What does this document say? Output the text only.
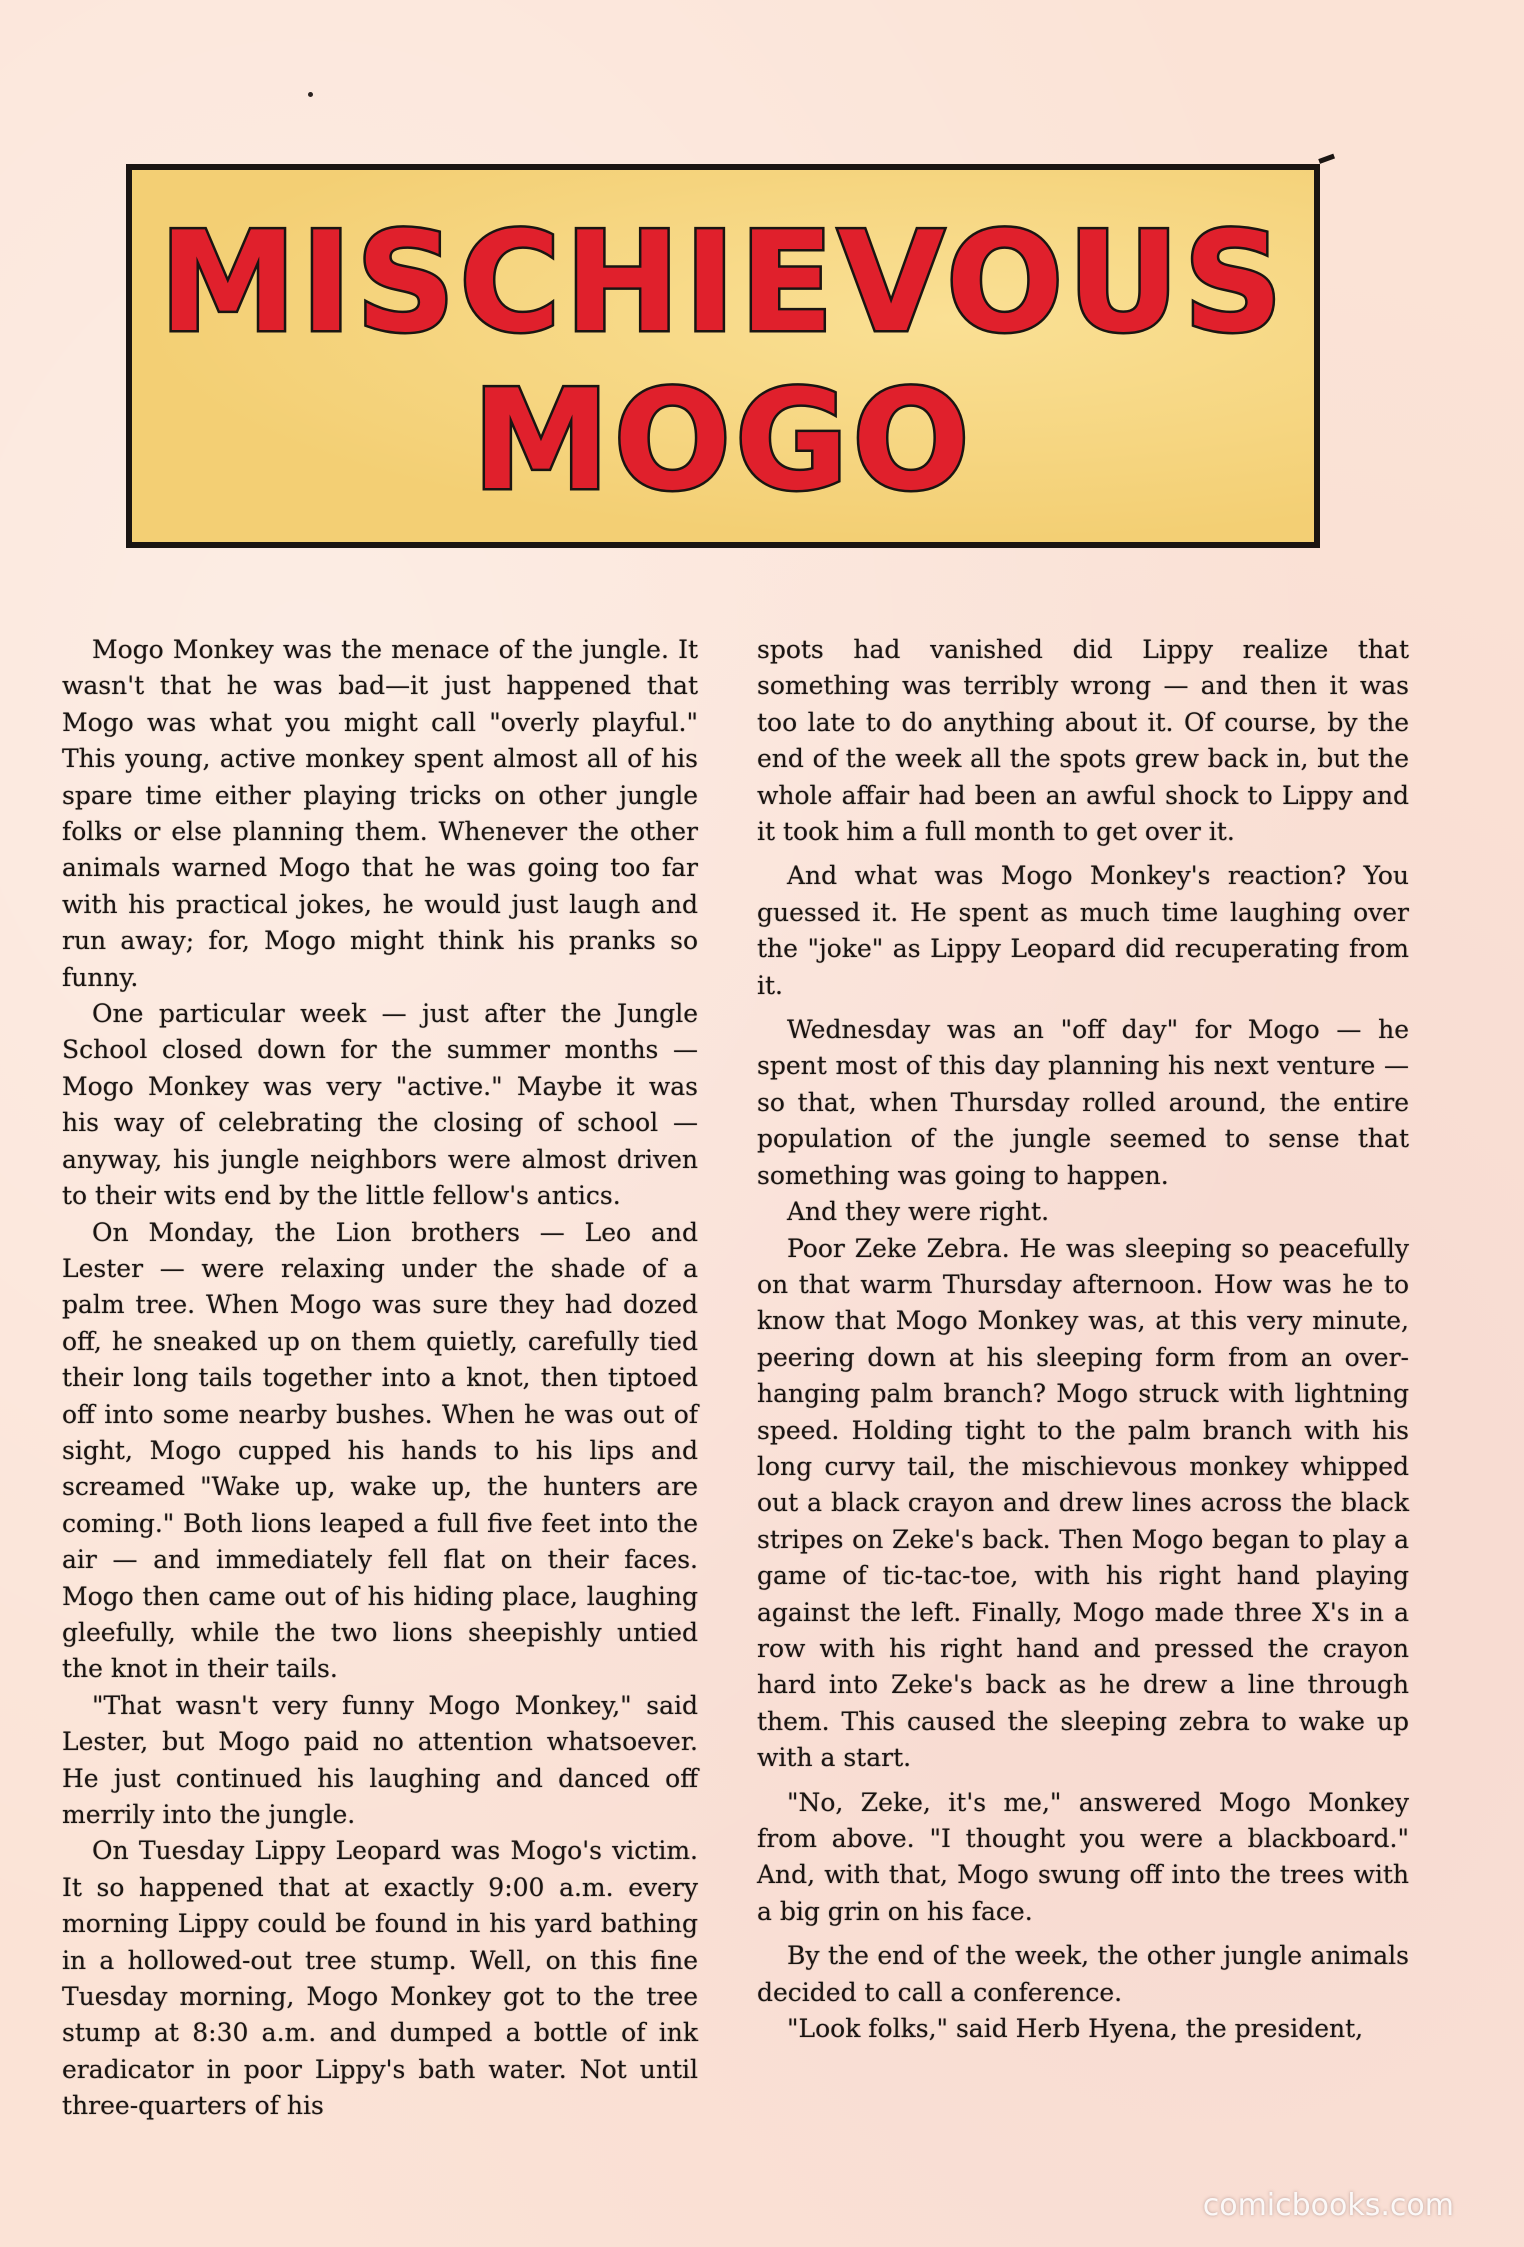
MISCHIEVOUS
MOGO

Mogo Monkey was the menace of the jungle. It wasn't that he was bad—it just happened that Mogo was what you might call "overly playful." This young, active monkey spent almost all of his spare time either playing tricks on other jungle folks or else planning them. Whenever the other animals warned Mogo that he was going too far with his practical jokes, he would just laugh and run away; for, Mogo might think his pranks so funny.

One particular week — just after the Jungle School closed down for the summer months — Mogo Monkey was very "active." Maybe it was his way of celebrating the closing of school — anyway, his jungle neighbors were almost driven to their wits end by the little fellow's antics.

On Monday, the Lion brothers — Leo and Lester — were relaxing under the shade of a palm tree. When Mogo was sure they had dozed off, he sneaked up on them quietly, carefully tied their long tails together into a knot, then tiptoed off into some nearby bushes. When he was out of sight, Mogo cupped his hands to his lips and screamed "Wake up, wake up, the hunters are coming." Both lions leaped a full five feet into the air — and immediately fell flat on their faces. Mogo then came out of his hiding place, laughing gleefully, while the two lions sheepishly untied the knot in their tails.

"That wasn't very funny Mogo Monkey," said Lester, but Mogo paid no attention whatsoever. He just continued his laughing and danced off merrily into the jungle.

On Tuesday Lippy Leopard was Mogo's victim. It so happened that at exactly 9:00 a.m. every morning Lippy could be found in his yard bathing in a hollowed-out tree stump. Well, on this fine Tuesday morning, Mogo Monkey got to the tree stump at 8:30 a.m. and dumped a bottle of ink eradicator in poor Lippy's bath water. Not until three-quarters of his

spots had vanished did Lippy realize that something was terribly wrong — and then it was too late to do anything about it. Of course, by the end of the week all the spots grew back in, but the whole affair had been an awful shock to Lippy and it took him a full month to get over it.

And what was Mogo Monkey's reaction? You guessed it. He spent as much time laughing over the "joke" as Lippy Leopard did recuperating from it.

Wednesday was an "off day" for Mogo — he spent most of this day planning his next venture — so that, when Thursday rolled around, the entire population of the jungle seemed to sense that something was going to happen.

And they were right.

Poor Zeke Zebra. He was sleeping so peacefully on that warm Thursday afternoon. How was he to know that Mogo Monkey was, at this very minute, peering down at his sleeping form from an over-hanging palm branch? Mogo struck with lightning speed. Holding tight to the palm branch with his long curvy tail, the mischievous monkey whipped out a black crayon and drew lines across the black stripes on Zeke's back. Then Mogo began to play a game of tic-tac-toe, with his right hand playing against the left. Finally, Mogo made three X's in a row with his right hand and pressed the crayon hard into Zeke's back as he drew a line through them. This caused the sleeping zebra to wake up with a start.

"No, Zeke, it's me," answered Mogo Monkey from above. "I thought you were a blackboard." And, with that, Mogo swung off into the trees with a big grin on his face.

By the end of the week, the other jungle animals decided to call a conference.

"Look folks," said Herb Hyena, the president,

comicbooks.com
